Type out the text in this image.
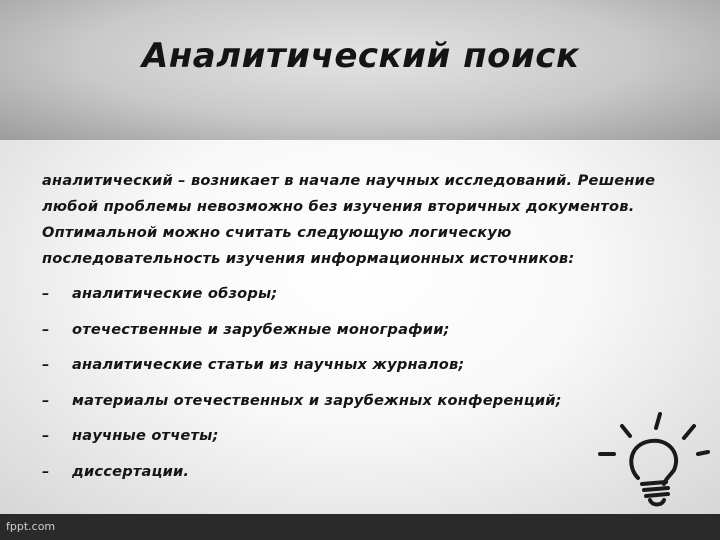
Аналитический поиск

аналитический – возникает в начале научных исследований. Решение любой проблемы невозможно без изучения вторичных документов. Оптимальной можно считать следующую логическую последовательность изучения информационных источников:

– аналитические обзоры;
– отечественные и зарубежные монографии;
– аналитические статьи из научных журналов;
– материалы отечественных и зарубежных конференций;
– научные отчеты;
– диссертации.
fppt.com
